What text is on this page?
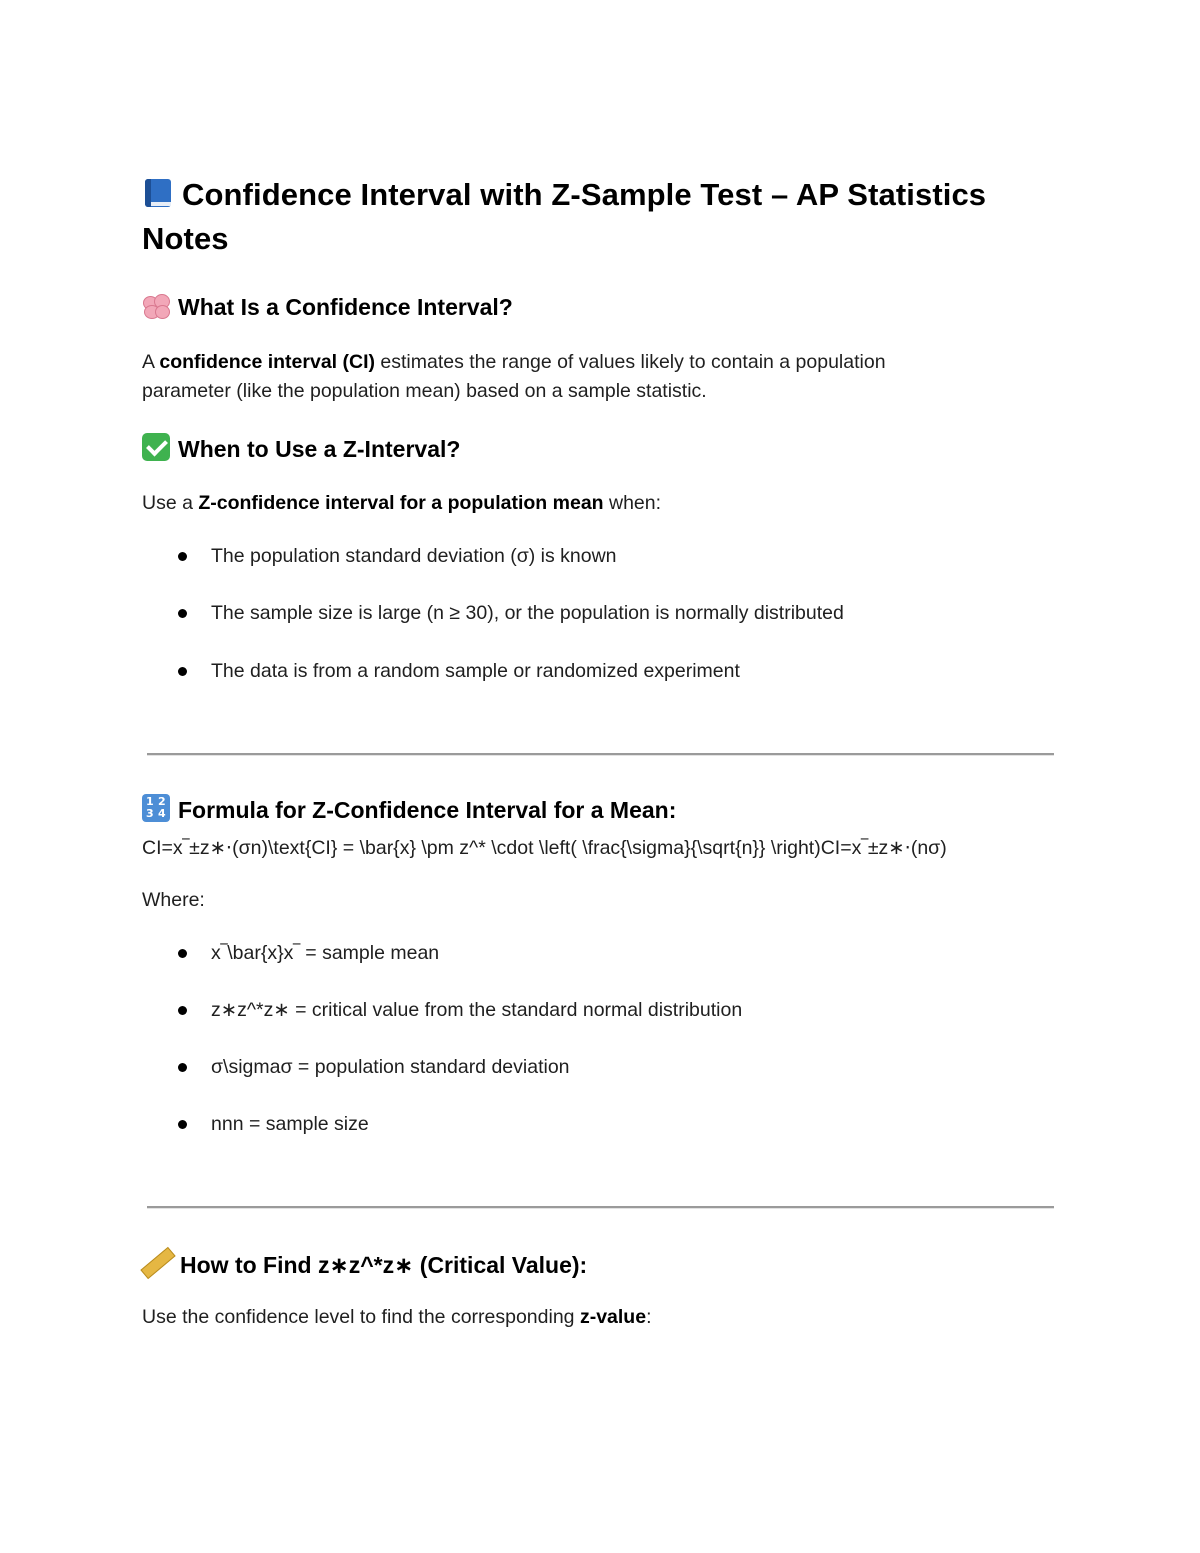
Confidence Interval with Z-Sample Test – AP Statistics Notes
What Is a Confidence Interval?

A confidence interval (CI) estimates the range of values likely to contain a population

parameter (like the population mean) based on a sample statistic.

When to Use a Z-Interval?

Use a Z-confidence interval for a population mean when:

The population standard deviation (σ) is known
The sample size is large (n ≥ 30), or the population is normally distributed
The data is from a random sample or randomized experiment
1 2
3 4 Formula for Z-Confidence Interval for a Mean:

CI=x‾±z∗⋅(σn)\text{CI} = \bar{x} \pm z^* \cdot \left( \frac{\sigma}{\sqrt{n}} \right)CI=x‾±z∗⋅(nσ)

Where:

x‾\bar{x}x‾ = sample mean
z∗z^*z∗ = critical value from the standard normal distribution
σ\sigmaσ = population standard deviation
nnn = sample size
How to Find z∗z^*z∗ (Critical Value):

Use the confidence level to find the corresponding z-value:
